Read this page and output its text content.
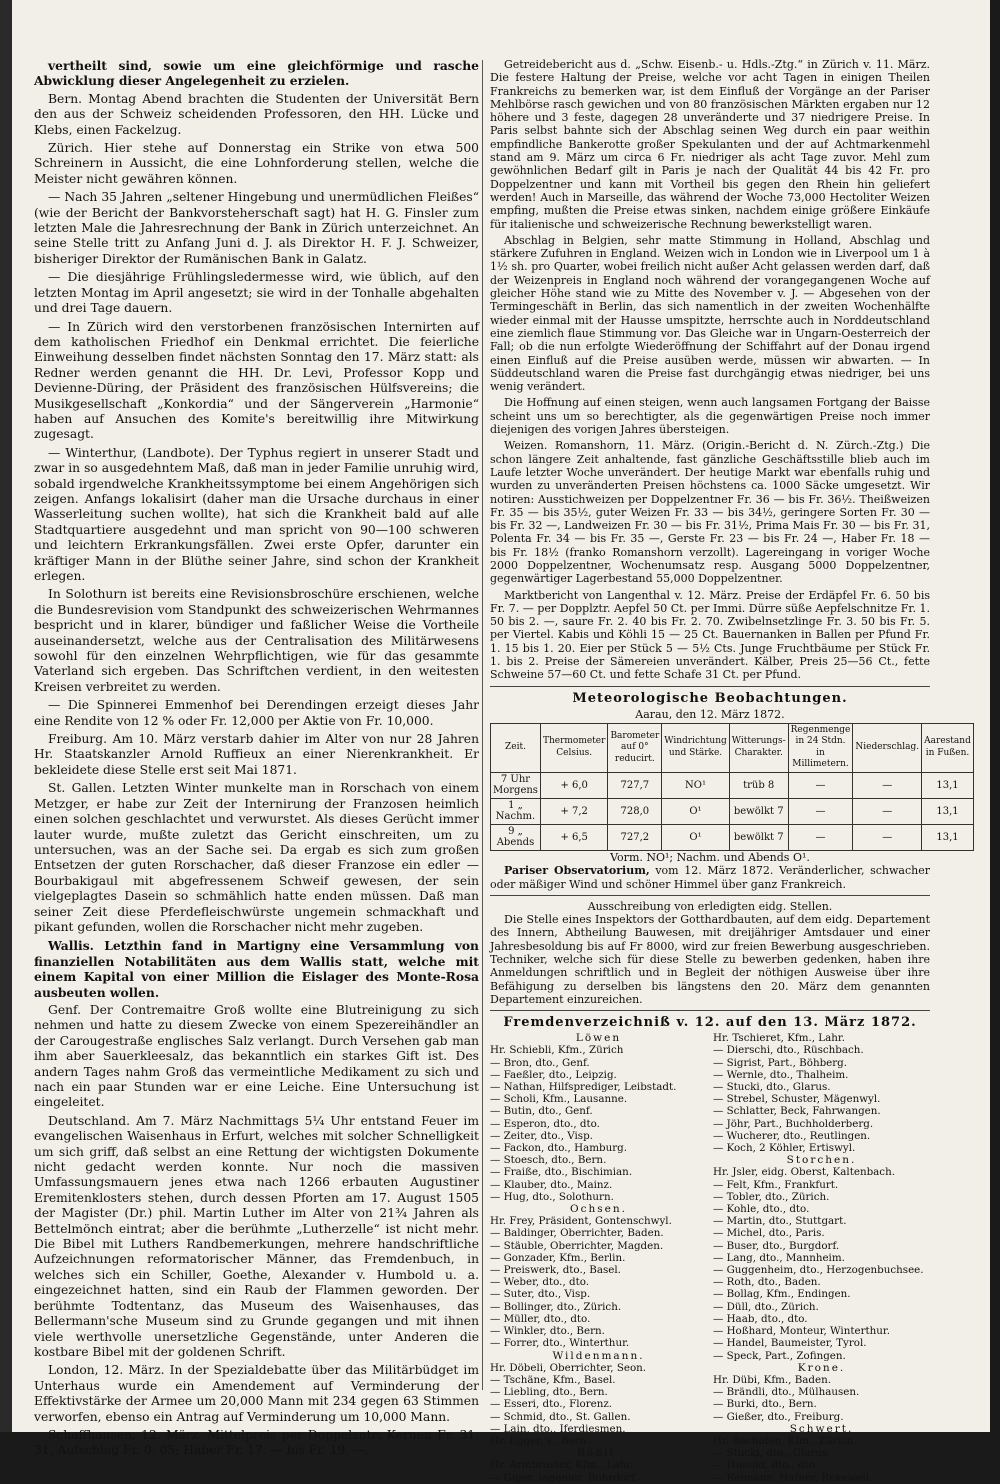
vertheilt sind, sowie um eine gleichförmige und rasche Abwicklung dieser Angelegenheit zu erzielen.

Bern. Montag Abend brachten die Studenten der Universität Bern den aus der Schweiz scheidenden Professoren, den HH. Lücke und Klebs, einen Fackelzug.

Zürich. Hier stehe auf Donnerstag ein Strike von etwa 500 Schreinern in Aussicht, die eine Lohnforderung stellen, welche die Meister nicht gewähren können.

— Nach 35 Jahren „seltener Hingebung und unermüdlichen Fleißes“ (wie der Bericht der Bankvorsteherschaft sagt) hat H. G. Finsler zum letzten Male die Jahresrechnung der Bank in Zürich unterzeichnet. An seine Stelle tritt zu Anfang Juni d. J. als Direktor H. F. J. Schweizer, bisheriger Direktor der Rumänischen Bank in Galatz.

— Die diesjährige Frühlingsledermesse wird, wie üblich, auf den letzten Montag im April angesetzt; sie wird in der Tonhalle abgehalten und drei Tage dauern.

— In Zürich wird den verstorbenen französischen Internirten auf dem katholischen Friedhof ein Denkmal errichtet. Die feierliche Einweihung desselben findet nächsten Sonntag den 17. März statt: als Redner werden genannt die HH. Dr. Levi, Professor Kopp und Devienne-Düring, der Präsident des französischen Hülfsvereins; die Musikgesellschaft „Konkordia“ und der Sängerverein „Harmonie“ haben auf Ansuchen des Komite's bereitwillig ihre Mitwirkung zugesagt.

— Winterthur, (Landbote). Der Typhus regiert in unserer Stadt und zwar in so ausgedehntem Maß, daß man in jeder Familie unruhig wird, sobald irgendwelche Krankheitssymptome bei einem Angehörigen sich zeigen. Anfangs lokalisirt (daher man die Ursache durchaus in einer Wasserleitung suchen wollte), hat sich die Krankheit bald auf alle Stadtquartiere ausgedehnt und man spricht von 90—100 schweren und leichtern Erkrankungsfällen. Zwei erste Opfer, darunter ein kräftiger Mann in der Blüthe seiner Jahre, sind schon der Krankheit erlegen.

In Solothurn ist bereits eine Revisionsbroschüre erschienen, welche die Bundesrevision vom Standpunkt des schweizerischen Wehrmannes bespricht und in klarer, bündiger und faßlicher Weise die Vortheile auseinandersetzt, welche aus der Centralisation des Militärwesens sowohl für den einzelnen Wehrpflichtigen, wie für das gesammte Vaterland sich ergeben. Das Schriftchen verdient, in den weitesten Kreisen verbreitet zu werden.

— Die Spinnerei Emmenhof bei Derendingen erzeigt dieses Jahr eine Rendite von 12 % oder Fr. 12,000 per Aktie von Fr. 10,000.

Freiburg. Am 10. März verstarb dahier im Alter von nur 28 Jahren Hr. Staatskanzler Arnold Ruffieux an einer Nierenkrankheit. Er bekleidete diese Stelle erst seit Mai 1871.

St. Gallen. Letzten Winter munkelte man in Rorschach von einem Metzger, er habe zur Zeit der Internirung der Franzosen heimlich einen solchen geschlachtet und verwurstet. Als dieses Gerücht immer lauter wurde, mußte zuletzt das Gericht einschreiten, um zu untersuchen, was an der Sache sei. Da ergab es sich zum großen Entsetzen der guten Rorschacher, daß dieser Franzose ein edler — Bourbakigaul mit abgefressenem Schweif gewesen, der sein vielgeplagtes Dasein so schmählich hatte enden müssen. Daß man seiner Zeit diese Pferdefleischwürste ungemein schmackhaft und pikant gefunden, wollen die Rorschacher nicht mehr zugeben.

Wallis. Letzthin fand in Martigny eine Versammlung von finanziellen Notabilitäten aus dem Wallis statt, welche mit einem Kapital von einer Million die Eislager des Monte-Rosa ausbeuten wollen.

Genf. Der Contremaitre Groß wollte eine Blutreinigung zu sich nehmen und hatte zu diesem Zwecke von einem Spezereihändler an der Carougestraße englisches Salz verlangt. Durch Versehen gab man ihm aber Sauerkleesalz, das bekanntlich ein starkes Gift ist. Des andern Tages nahm Groß das vermeintliche Medikament zu sich und nach ein paar Stunden war er eine Leiche. Eine Untersuchung ist eingeleitet.

Deutschland. Am 7. März Nachmittags 5¼ Uhr entstand Feuer im evangelischen Waisenhaus in Erfurt, welches mit solcher Schnelligkeit um sich griff, daß selbst an eine Rettung der wichtigsten Dokumente nicht gedacht werden konnte. Nur noch die massiven Umfassungsmauern jenes etwa nach 1266 erbauten Augustiner Eremitenklosters stehen, durch dessen Pforten am 17. August 1505 der Magister (Dr.) phil. Martin Luther im Alter von 21¾ Jahren als Bettelmönch eintrat; aber die berühmte „Lutherzelle“ ist nicht mehr. Die Bibel mit Luthers Randbemerkungen, mehrere handschriftliche Aufzeichnungen reformatorischer Männer, das Fremdenbuch, in welches sich ein Schiller, Goethe, Alexander v. Humbold u. a. eingezeichnet hatten, sind ein Raub der Flammen geworden. Der berühmte Todtentanz, das Museum des Waisenhauses, das Bellermann'sche Museum sind zu Grunde gegangen und mit ihnen viele werthvolle unersetzliche Gegenstände, unter Anderen die kostbare Bibel mit der goldenen Schrift.

London, 12. März. In der Spezialdebatte über das Militärbüdget im Unterhaus wurde ein Amendement auf Verminderung der Effektivstärke der Armee um 20,000 Mann mit 234 gegen 63 Stimmen verworfen, ebenso ein Antrag auf Verminderung um 10,000 Mann.

Schaffhausen, 12. März. Mittelpreis per Doppelzntr: Kernen Fr. 31. 31, Aufschlag Fr. 0. 05; Haber Fr. 17. — bis Fr. 19. —.

Getreidebericht aus d. „Schw. Eisenb.- u. Hdls.-Ztg.“ in Zürich v. 11. März. Die festere Haltung der Preise, welche vor acht Tagen in einigen Theilen Frankreichs zu bemerken war, ist dem Einfluß der Vorgänge an der Pariser Mehlbörse rasch gewichen und von 80 französischen Märkten ergaben nur 12 höhere und 3 feste, dagegen 28 unveränderte und 37 niedrigere Preise. In Paris selbst bahnte sich der Abschlag seinen Weg durch ein paar weithin empfindliche Bankerotte großer Spekulanten und der auf Achtmarkenmehl stand am 9. März um circa 6 Fr. niedriger als acht Tage zuvor. Mehl zum gewöhnlichen Bedarf gilt in Paris je nach der Qualität 44 bis 42 Fr. pro Doppelzentner und kann mit Vortheil bis gegen den Rhein hin geliefert werden! Auch in Marseille, das während der Woche 73,000 Hectoliter Weizen empfing, mußten die Preise etwas sinken, nachdem einige größere Einkäufe für italienische und schweizerische Rechnung bewerkstelligt waren.

Abschlag in Belgien, sehr matte Stimmung in Holland, Abschlag und stärkere Zufuhren in England. Weizen wich in London wie in Liverpool um 1 à 1½ sh. pro Quarter, wobei freilich nicht außer Acht gelassen werden darf, daß der Weizenpreis in England noch während der vorangegangenen Woche auf gleicher Höhe stand wie zu Mitte des November v. J. — Abgesehen von der Termingeschäft in Berlin, das sich namentlich in der zweiten Wochenhälfte wieder einmal mit der Hausse umspitzte, herrschte auch in Norddeutschland eine ziemlich flaue Stimmung vor. Das Gleiche war in Ungarn-Oesterreich der Fall; ob die nun erfolgte Wiederöffnung der Schiffahrt auf der Donau irgend einen Einfluß auf die Preise ausüben werde, müssen wir abwarten. — In Süddeutschland waren die Preise fast durchgängig etwas niedriger, bei uns wenig verändert.

Die Hoffnung auf einen steigen, wenn auch langsamen Fortgang der Baisse scheint uns um so berechtigter, als die gegenwärtigen Preise noch immer diejenigen des vorigen Jahres übersteigen.

Weizen. Romanshorn, 11. März. (Origin.-Bericht d. N. Zürch.-Ztg.) Die schon längere Zeit anhaltende, fast gänzliche Geschäftsstille blieb auch im Laufe letzter Woche unverändert. Der heutige Markt war ebenfalls ruhig und wurden zu unveränderten Preisen höchstens ca. 1000 Säcke umgesetzt. Wir notiren: Ausstichweizen per Doppelzentner Fr. 36 — bis Fr. 36½. Theißweizen Fr. 35 — bis 35½, guter Weizen Fr. 33 — bis 34½, geringere Sorten Fr. 30 — bis Fr. 32 —, Landweizen Fr. 30 — bis Fr. 31½, Prima Mais Fr. 30 — bis Fr. 31, Polenta Fr. 34 — bis Fr. 35 —, Gerste Fr. 23 — bis Fr. 24 —, Haber Fr. 18 — bis Fr. 18½ (franko Romanshorn verzollt). Lagereingang in voriger Woche 2000 Doppelzentner, Wochenumsatz resp. Ausgang 5000 Doppelzentner, gegenwärtiger Lagerbestand 55,000 Doppelzentner.

Marktbericht von Langenthal v. 12. März. Preise der Erdäpfel Fr. 6. 50 bis Fr. 7. — per Dopplztr. Aepfel 50 Ct. per Immi. Dürre süße Aepfelschnitze Fr. 1. 50 bis 2. —, saure Fr. 2. 40 bis Fr. 2. 70. Zwibelnsetzlinge Fr. 3. 50 bis Fr. 5. per Viertel. Kabis und Köhli 15 — 25 Ct. Bauernanken in Ballen per Pfund Fr. 1. 15 bis 1. 20. Eier per Stück 5 — 5½ Cts. Junge Fruchtbäume per Stück Fr. 1. bis 2. Preise der Sämereien unverändert. Kälber, Preis 25—56 Ct., fette Schweine 57—60 Ct. und fette Schafe 31 Ct. per Pfund.

Meteorologische Beobachtungen.

Aarau, den 12. März 1872.

Zeit.	Thermometer Celsius.	Barometer auf 0° reducirt.	Windrichtung und Stärke.	Witterungs-Charakter.	Regenmenge in 24 Stdn. in Millimetern.	Niederschlag.	Aarestand in Fußen.
7 Uhr Morgens	+ 6,0	727,7	NO¹	trüb 8	—	—	13,1
1 „ Nachm.	+ 7,2	728,0	O¹	bewölkt 7	—	—	13,1
9 „ Abends	+ 6,5	727,2	O¹	bewölkt 7	—	—	13,1

Vorm. NO¹; Nachm. und Abends O¹.

Pariser Observatorium, vom 12. März 1872. Veränderlicher, schwacher oder mäßiger Wind und schöner Himmel über ganz Frankreich.

Ausschreibung von erledigten eidg. Stellen.

Die Stelle eines Inspektors der Gotthardbauten, auf dem eidg. Departement des Innern, Abtheilung Bauwesen, mit dreijähriger Amtsdauer und einer Jahresbesoldung bis auf Fr 8000, wird zur freien Bewerbung ausgeschrieben. Techniker, welche sich für diese Stelle zu bewerben gedenken, haben ihre Anmeldungen schriftlich und in Begleit der nöthigen Ausweise über ihre Befähigung zu derselben bis längstens den 20. März dem genannten Departement einzureichen.

Fremdenverzeichniß v. 12. auf den 13. März 1872.
Löwen
Hr. Schiebli, Kfm., Zürich
— Bron, dto., Genf.
— Faeßler, dto., Leipzig.
— Nathan, Hilfsprediger, Leibstadt.
— Scholi, Kfm., Lausanne.
— Butin, dto., Genf.
— Esperon, dto., dto.
— Zeiter, dto., Visp.
— Fackon, dto., Hamburg.
— Stoesch, dto., Bern.
— Fraiße, dto., Bischimian.
— Klauber, dto., Mainz.
— Hug, dto., Solothurn.
Ochsen.
Hr. Frey, Präsident, Gontenschwyl.
— Baldinger, Oberrichter, Baden.
— Stäuble, Oberrichter, Magden.
— Gonzader, Kfm., Berlin.
— Preiswerk, dto., Basel.
— Weber, dto., dto.
— Suter, dto., Visp.
— Bollinger, dto., Zürich.
— Müller, dto., dto.
— Winkler, dto., Bern.
— Forrer, dto., Winterthur.
Wildenmann.
Hr. Döbeli, Oberrichter, Seon.
— Tschäne, Kfm., Basel.
— Liebling, dto., Bern.
— Esseri, dto., Florenz.
— Schmid, dto., St. Gallen.
— Lain, dto., Iferdiesmen.
Hr. Egger, v., Bern.
Rößli.
Hr. Armbruster, Kfm., Lahr.
— Giger, Ingenier, Rohrdorf.
Hr. Tschieret, Kfm., Lahr.
— Dierschi, dto., Rüschbach.
— Sigrist, Part., Böhberg.
— Wernle, dto., Thalheim.
— Stucki, dto., Glarus.
— Strebel, Schuster, Mägenwyl.
— Schlatter, Beck, Fahrwangen.
— Jöhr, Part., Buchholderberg.
— Wucherer, dto., Reutlingen.
— Koch, 2 Köhler, Ertiswyl.
Storchen.
Hr. Jsler, eidg. Oberst, Kaltenbach.
— Felt, Kfm., Frankfurt.
— Tobler, dto., Zürich.
— Kohle, dto., dto.
— Martin, dto., Stuttgart.
— Michel, dto., Paris.
— Buser, dto., Burgdorf.
— Lang, dto., Mannheim.
— Guggenheim, dto., Herzogenbuchsee.
— Roth, dto., Baden.
— Bollag, Kfm., Endingen.
— Düll, dto., Zürich.
— Haab, dto., dto.
— Hoßhard, Monteur, Winterthur.
— Handel, Baumeister, Tyrol.
— Speck, Part., Zofingen.
Krone.
Hr. Dübi, Kfm., Baden.
— Brändli, dto., Mülhausen.
— Burki, dto., Bern.
— Gießer, dto., Freiburg.
Schwert.
Hr. Bachofen, Kfm., Zürich.
— Stucki, dto., Glarus.
— Hunold, dto., dto.
— Reimann, Hafner, Rekeweil.
